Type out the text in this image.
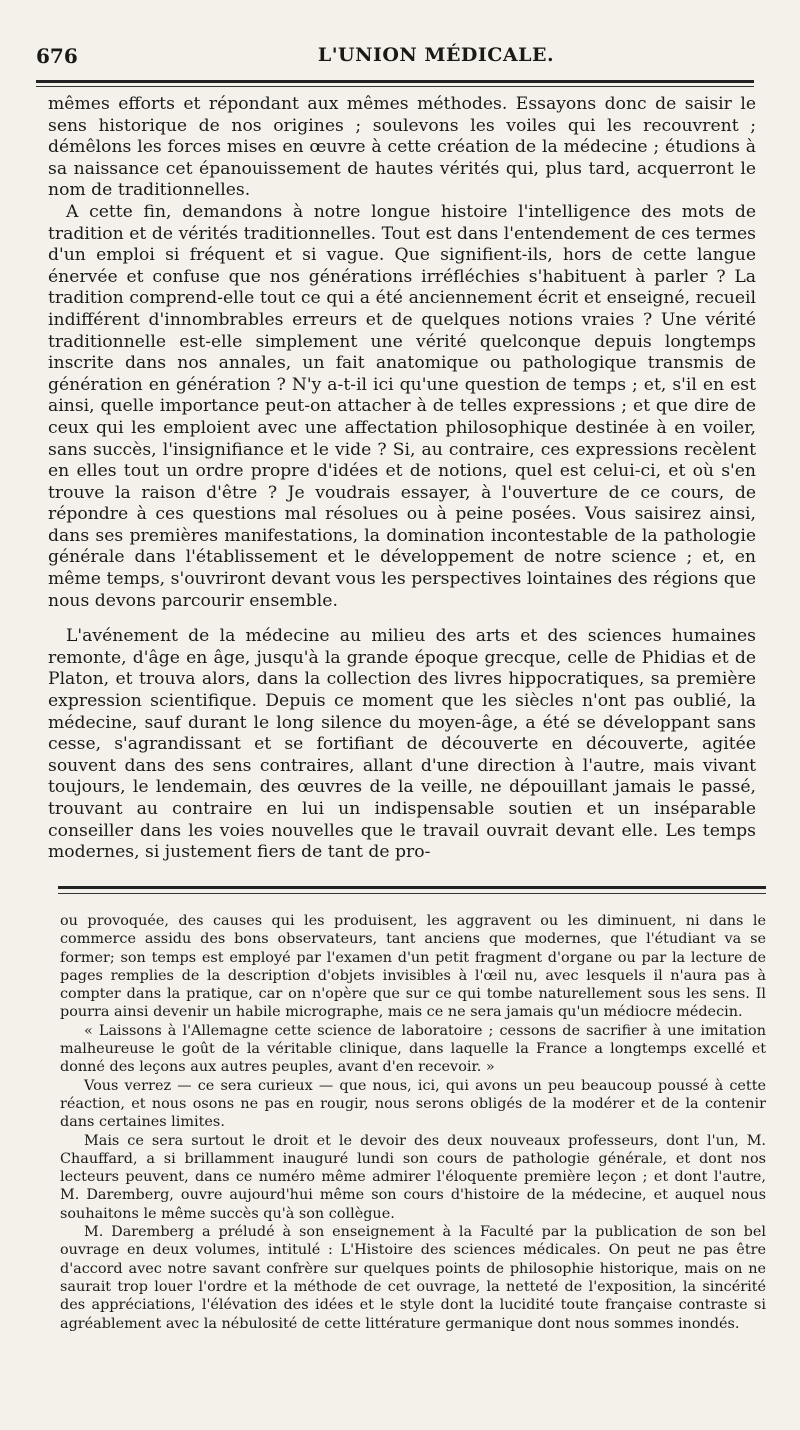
676	L'UNION MÉDICALE.

mêmes efforts et répondant aux mêmes méthodes. Essayons donc de saisir le sens historique de nos origines ; soulevons les voiles qui les recouvrent ; démêlons les forces mises en œuvre à cette création de la médecine ; étudions à sa naissance cet épanouissement de hautes vérités qui, plus tard, acquerront le nom de traditionnelles.

A cette fin, demandons à notre longue histoire l'intelligence des mots de tradition et de vérités traditionnelles. Tout est dans l'entendement de ces termes d'un emploi si fréquent et si vague. Que signifient-ils, hors de cette langue énervée et confuse que nos générations irréfléchies s'habituent à parler ? La tradition comprend-elle tout ce qui a été anciennement écrit et enseigné, recueil indifférent d'innombrables erreurs et de quelques notions vraies ? Une vérité traditionnelle est-elle simplement une vérité quelconque depuis longtemps inscrite dans nos annales, un fait anatomique ou pathologique transmis de génération en génération ? N'y a-t-il ici qu'une question de temps ; et, s'il en est ainsi, quelle importance peut-on attacher à de telles expressions ; et que dire de ceux qui les emploient avec une affectation philosophique destinée à en voiler, sans succès, l'insignifiance et le vide ? Si, au contraire, ces expressions recèlent en elles tout un ordre propre d'idées et de notions, quel est celui-ci, et où s'en trouve la raison d'être ? Je voudrais essayer, à l'ouverture de ce cours, de répondre à ces questions mal résolues ou à peine posées. Vous saisirez ainsi, dans ses premières manifestations, la domination incontestable de la pathologie générale dans l'établissement et le développement de notre science ; et, en même temps, s'ouvriront devant vous les perspectives lointaines des régions que nous devons parcourir ensemble.

L'avénement de la médecine au milieu des arts et des sciences humaines remonte, d'âge en âge, jusqu'à la grande époque grecque, celle de Phidias et de Platon, et trouva alors, dans la collection des livres hippocratiques, sa première expression scientifique. Depuis ce moment que les siècles n'ont pas oublié, la médecine, sauf durant le long silence du moyen-âge, a été se développant sans cesse, s'agrandissant et se fortifiant de découverte en découverte, agitée souvent dans des sens contraires, allant d'une direction à l'autre, mais vivant toujours, le lendemain, des œuvres de la veille, ne dépouillant jamais le passé, trouvant au contraire en lui un indispensable soutien et un inséparable conseiller dans les voies nouvelles que le travail ouvrait devant elle. Les temps modernes, si justement fiers de tant de pro-

ou provoquée, des causes qui les produisent, les aggravent ou les diminuent, ni dans le commerce assidu des bons observateurs, tant anciens que modernes, que l'étudiant va se former; son temps est employé par l'examen d'un petit fragment d'organe ou par la lecture de pages remplies de la description d'objets invisibles à l'œil nu, avec lesquels il n'aura pas à compter dans la pratique, car on n'opère que sur ce qui tombe naturellement sous les sens. Il pourra ainsi devenir un habile micrographe, mais ce ne sera jamais qu'un médiocre médecin.

« Laissons à l'Allemagne cette science de laboratoire ; cessons de sacrifier à une imitation malheureuse le goût de la véritable clinique, dans laquelle la France a longtemps excellé et donné des leçons aux autres peuples, avant d'en recevoir. »

Vous verrez — ce sera curieux — que nous, ici, qui avons un peu beaucoup poussé à cette réaction, et nous osons ne pas en rougir, nous serons obligés de la modérer et de la contenir dans certaines limites.

Mais ce sera surtout le droit et le devoir des deux nouveaux professeurs, dont l'un, M. Chauffard, a si brillamment inauguré lundi son cours de pathologie générale, et dont nos lecteurs peuvent, dans ce numéro même admirer l'éloquente première leçon ; et dont l'autre, M. Daremberg, ouvre aujourd'hui même son cours d'histoire de la médecine, et auquel nous souhaitons le même succès qu'à son collègue.

M. Daremberg a préludé à son enseignement à la Faculté par la publication de son bel ouvrage en deux volumes, intitulé : L'Histoire des sciences médicales. On peut ne pas être d'accord avec notre savant confrère sur quelques points de philosophie historique, mais on ne saurait trop louer l'ordre et la méthode de cet ouvrage, la netteté de l'exposition, la sincérité des appréciations, l'élévation des idées et le style dont la lucidité toute française contraste si agréablement avec la nébulosité de cette littérature germanique dont nous sommes inondés.
